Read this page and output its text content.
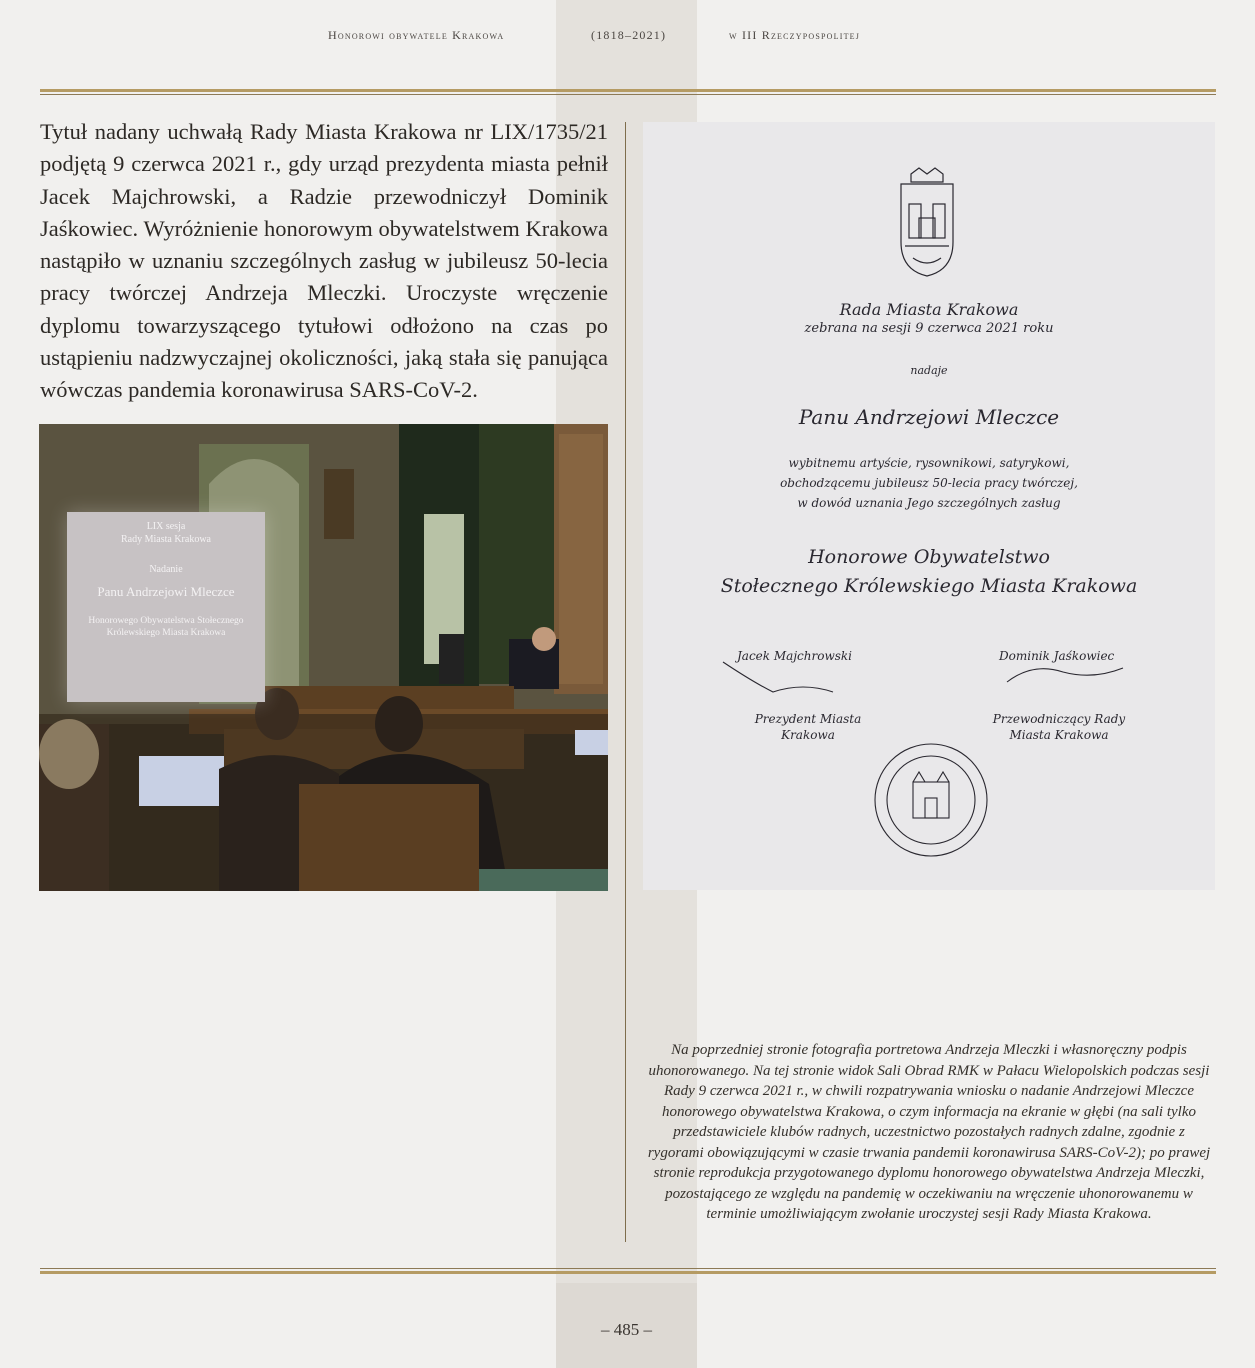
Honorowi obywatele Krakowa	(1818–2021)	w III Rzeczypospolitej

Tytuł nadany uchwałą Rady Miasta Krakowa nr LIX/1735/21 podjętą 9 czerwca 2021 r., gdy urząd prezydenta miasta pełnił Jacek Majchrowski, a Radzie przewodniczył Dominik Jaśkowiec. Wyróżnienie honorowym obywatelstwem Krakowa nastąpiło w uznaniu szczególnych zasług w jubileusz 50-lecia pracy twórczej Andrzeja Mleczki. Uroczyste wręczenie dyplomu towarzyszącego tytułowi odłożono na czas po ustąpieniu nadzwyczajnej okoliczności, jaką stała się panująca wówczas pandemia koronawirusa SARS-CoV-2.

LIX sesja
Rady Miasta Krakowa
Nadanie
Panu Andrzejowi Mleczce
Honorowego Obywatelstwa Stołecznego Królewskiego Miasta Krakowa
Rada Miasta Krakowa
zebrana na sesji 9 czerwca 2021 roku
nadaje
Panu Andrzejowi Mleczce
wybitnemu artyście, rysownikowi, satyrykowi,
obchodzącemu jubileusz 50-lecia pracy twórczej,
w dowód uznania Jego szczególnych zasług
Honorowe Obywatelstwo
Stołecznego Królewskiego Miasta Krakowa
Jacek Majchrowski	Dominik Jaśkowiec
Prezydent Miasta Krakowa
Przewodniczący Rady Miasta Krakowa

Na poprzedniej stronie fotografia portretowa Andrzeja Mleczki i własnoręczny podpis uhonorowanego. Na tej stronie widok Sali Obrad RMK w Pałacu Wielopolskich podczas sesji Rady 9 czerwca 2021 r., w chwili rozpatrywania wniosku o nadanie Andrzejowi Mleczce honorowego obywatelstwa Krakowa, o czym informacja na ekranie w głębi (na sali tylko przedstawiciele klubów radnych, uczestnictwo pozostałych radnych zdalne, zgodnie z rygorami obowiązującymi w czasie trwania pandemii koronawirusa SARS-CoV-2); po prawej stronie reprodukcja przygotowanego dyplomu honorowego obywatelstwa Andrzeja Mleczki, pozostającego ze względu na pandemię w oczekiwaniu na wręczenie uhonorowanemu w terminie umożliwiającym zwołanie uroczystej sesji Rady Miasta Krakowa.

– 485 –
